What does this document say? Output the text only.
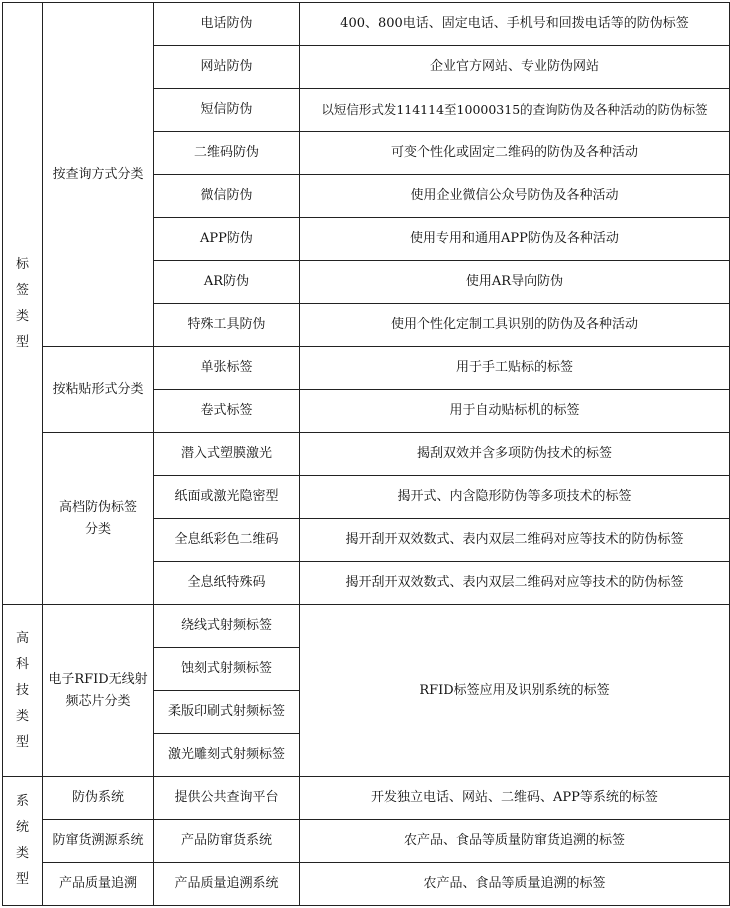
标签类型	按查询方式分类	电话防伪	400、800电话、固定电话、手机号和回拨电话等的防伪标签
		网站防伪	企业官方网站、专业防伪网站
		短信防伪	以短信形式发114114至10000315的查询防伪及各种活动的防伪标签
		二维码防伪	可变个性化或固定二维码的防伪及各种活动
		微信防伪	使用企业微信公众号防伪及各种活动
		APP防伪	使用专用和通用APP防伪及各种活动
		AR防伪	使用AR导向防伪
		特殊工具防伪	使用个性化定制工具识别的防伪及各种活动
	按粘贴形式分类	单张标签	用于手工贴标的标签
		卷式标签	用于自动贴标机的标签
	高档防伪标签分类	潜入式塑膜激光	揭刮双效并含多项防伪技术的标签
		纸面或激光隐密型	揭开式、内含隐形防伪等多项技术的标签
		全息纸彩色二维码	揭开刮开双效数式、表内双层二维码对应等技术的防伪标签
		全息纸特殊码	揭开刮开双效数式、表内双层二维码对应等技术的防伪标签
高科技类型	电子RFID无线射频芯片分类	绕线式射频标签	RFID标签应用及识别系统的标签
		蚀刻式射频标签	
		柔版印刷式射频标签	
		激光雕刻式射频标签	
系统类型	防伪系统	提供公共查询平台	开发独立电话、网站、二维码、APP等系统的标签
	防窜货溯源系统	产品防窜货系统	农产品、食品等质量防窜货追溯的标签
	产品质量追溯	产品质量追溯系统	农产品、食品等质量追溯的标签
